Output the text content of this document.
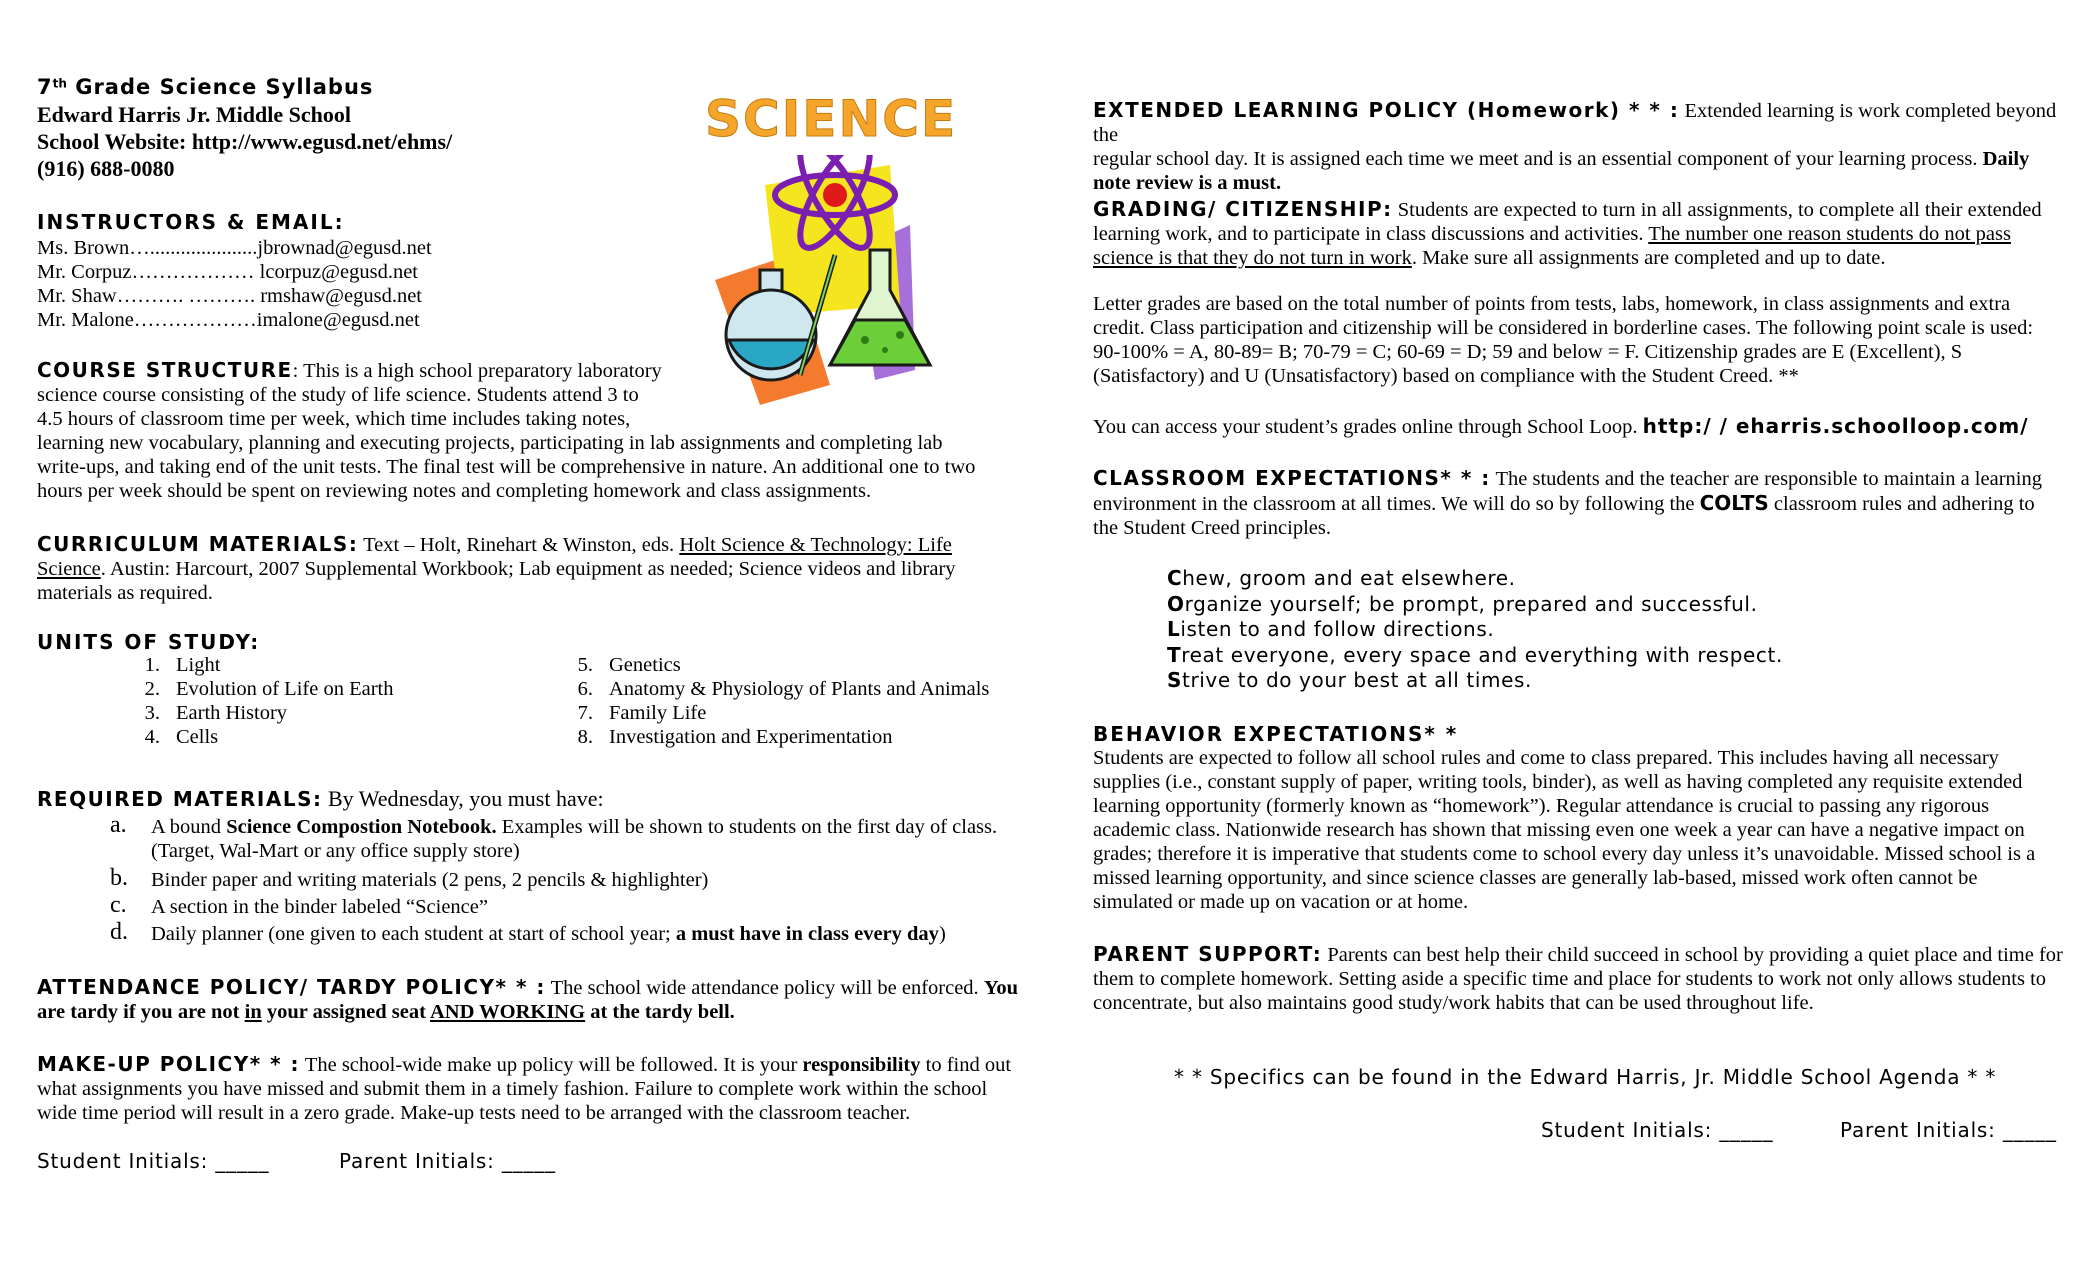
7th Grade Science Syllabus
Edward Harris Jr. Middle School
School Website: http://www.egusd.net/ehms/
(916) 688-0080
INSTRUCTORS & EMAIL:
Ms. Brown….....................jbrownad@egusd.net
Mr. Corpuz……………… lcorpuz@egusd.net
Mr. Shaw………. ………. rmshaw@egusd.net
Mr. Malone………………imalone@egusd.net
COURSE STRUCTURE: This is a high school preparatory laboratory
science course consisting of the study of life science. Students attend 3 to
4.5 hours of classroom time per week, which time includes taking notes,
learning new vocabulary, planning and executing projects, participating in lab assignments and completing lab
write-ups, and taking end of the unit tests. The final test will be comprehensive in nature. An additional one to two
hours per week should be spent on reviewing notes and completing homework and class assignments.
CURRICULUM MATERIALS: Text – Holt, Rinehart & Winston, eds. Holt Science & Technology: Life
Science. Austin: Harcourt, 2007 Supplemental Workbook; Lab equipment as needed; Science videos and library
materials as required.
UNITS OF STUDY:
1. Light
2. Evolution of Life on Earth
3. Earth History
4. Cells
5. Genetics
6. Anatomy & Physiology of Plants and Animals
7. Family Life
8. Investigation and Experimentation
REQUIRED MATERIALS: By Wednesday, you must have:
a. A bound Science Compostion Notebook. Examples will be shown to students on the first day of class.
(Target, Wal-Mart or any office supply store)
b. Binder paper and writing materials (2 pens, 2 pencils & highlighter)
c. A section in the binder labeled “Science”
d. Daily planner (one given to each student at start of school year; a must have in class every day)
ATTENDANCE POLICY/ TARDY POLICY* * : The school wide attendance policy will be enforced. You
are tardy if you are not in your assigned seat AND WORKING at the tardy bell.
MAKE-UP POLICY* * : The school-wide make up policy will be followed. It is your responsibility to find out
what assignments you have missed and submit them in a timely fashion. Failure to complete work within the school
wide time period will result in a zero grade. Make-up tests need to be arranged with the classroom teacher.
Student Initials: _____	Parent Initials: _____
SCIENCE	EXTENDED LEARNING POLICY (Homework) * * : Extended learning is work completed beyond the
regular school day. It is assigned each time we meet and is an essential component of your learning process. Daily
note review is a must.
GRADING/ CITIZENSHIP: Students are expected to turn in all assignments, to complete all their extended
learning work, and to participate in class discussions and activities. The number one reason students do not pass
science is that they do not turn in work. Make sure all assignments are completed and up to date.
Letter grades are based on the total number of points from tests, labs, homework, in class assignments and extra
credit. Class participation and citizenship will be considered in borderline cases. The following point scale is used:
90-100% = A, 80-89= B; 70-79 = C; 60-69 = D; 59 and below = F. Citizenship grades are E (Excellent), S
(Satisfactory) and U (Unsatisfactory) based on compliance with the Student Creed. **
You can access your student’s grades online through School Loop. http:/ / eharris.schoolloop.com/
CLASSROOM EXPECTATIONS* * : The students and the teacher are responsible to maintain a learning
environment in the classroom at all times. We will do so by following the COLTS classroom rules and adhering to
the Student Creed principles.
Chew, groom and eat elsewhere.
Organize yourself; be prompt, prepared and successful.
Listen to and follow directions.
Treat everyone, every space and everything with respect.
Strive to do your best at all times.
BEHAVIOR EXPECTATIONS* *
Students are expected to follow all school rules and come to class prepared. This includes having all necessary
supplies (i.e., constant supply of paper, writing tools, binder), as well as having completed any requisite extended
learning opportunity (formerly known as “homework”). Regular attendance is crucial to passing any rigorous
academic class. Nationwide research has shown that missing even one week a year can have a negative impact on
grades; therefore it is imperative that students come to school every day unless it’s unavoidable. Missed school is a
missed learning opportunity, and since science classes are generally lab-based, missed work often cannot be
simulated or made up on vacation or at home.
PARENT SUPPORT: Parents can best help their child succeed in school by providing a quiet place and time for
them to complete homework. Setting aside a specific time and place for students to work not only allows students to
concentrate, but also maintains good study/work habits that can be used throughout life.
* * Specifics can be found in the Edward Harris, Jr. Middle School Agenda * *
Student Initials: _____	Parent Initials: _____
